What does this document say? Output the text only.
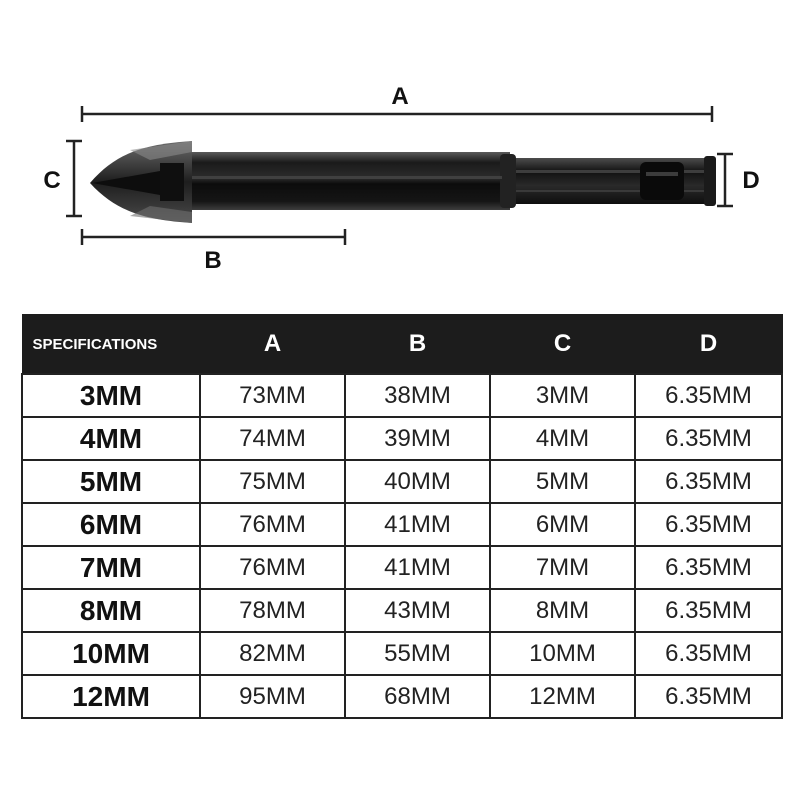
A
B
C	D
SPECIFICATIONS	A	B	C	D
3MM	73MM	38MM	3MM	6.35MM
4MM	74MM	39MM	4MM	6.35MM
5MM	75MM	40MM	5MM	6.35MM
6MM	76MM	41MM	6MM	6.35MM
7MM	76MM	41MM	7MM	6.35MM
8MM	78MM	43MM	8MM	6.35MM
10MM	82MM	55MM	10MM	6.35MM
12MM	95MM	68MM	12MM	6.35MM
